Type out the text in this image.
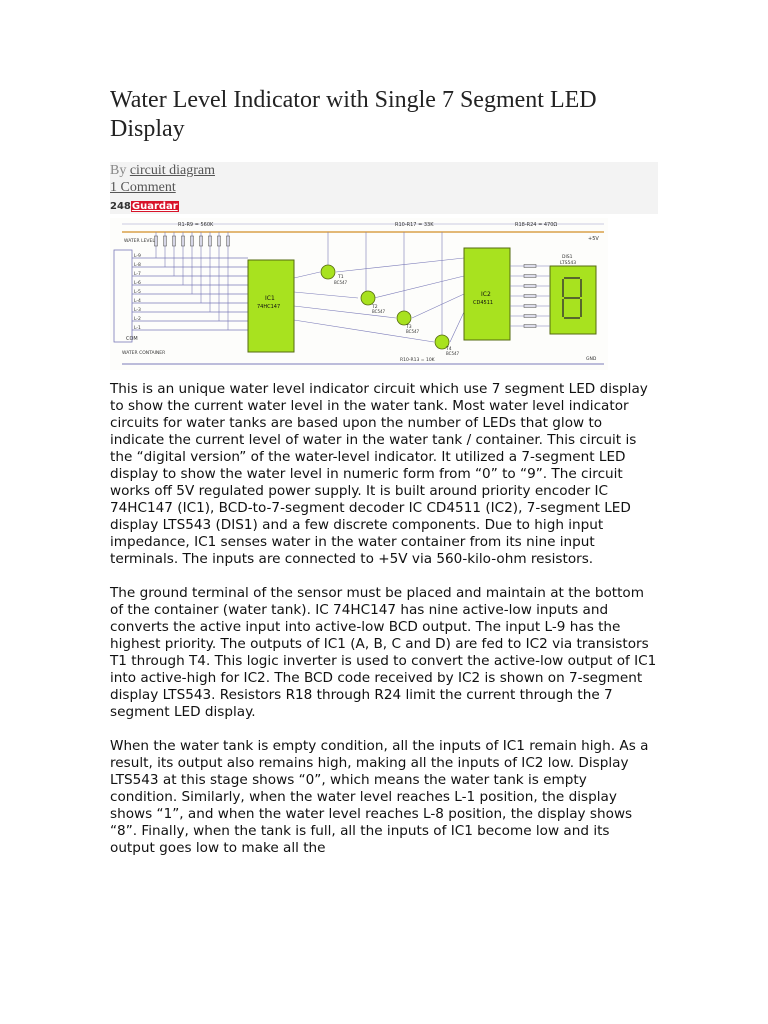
Water Level Indicator with Single 7 Segment LED Display
By circuit diagram
1 Comment
248Guardar
R1-R9 = 560K	R10-R17 = 33K	R18-R24 = 470Ω
+5V
WATER LEVEL
L-9
L-8
L-7
L-6
L-5
L-4
L-3
L-2
L-1
COM
WATER CONTAINER
IC1
74HC147
T1
BC547
T2
BC547
T3
BC547
T4
BC547
IC2
CD4511
DIS1
LTS543
R10-R13 = 10K	GND

This is an unique water level indicator circuit which use 7 segment LED display to show the current water level in the water tank. Most water level indicator circuits for water tanks are based upon the number of LEDs that glow to indicate the current level of water in the water tank / container. This circuit is the “digital version” of the water-level indicator. It utilized a 7-segment LED display to show the water level in numeric form from “0” to “9”. The circuit works off 5V regulated power supply. It is built around priority encoder IC 74HC147 (IC1), BCD-to-7-segment decoder IC CD4511 (IC2), 7-segment LED display LTS543 (DIS1) and a few discrete components. Due to high input impedance, IC1 senses water in the water container from its nine input terminals. The inputs are connected to +5V via 560-kilo-ohm resistors.

The ground terminal of the sensor must be placed and maintain at the bottom of the container (water tank). IC 74HC147 has nine active-low inputs and converts the active input into active-low BCD output. The input L-9 has the highest priority. The outputs of IC1 (A, B, C and D) are fed to IC2 via transistors T1 through T4. This logic inverter is used to convert the active-low output of IC1 into active-high for IC2. The BCD code received by IC2 is shown on 7-segment display LTS543. Resistors R18 through R24 limit the current through the 7 segment LED display.

When the water tank is empty condition, all the inputs of IC1 remain high. As a result, its output also remains high, making all the inputs of IC2 low. Display LTS543 at this stage shows “0”, which means the water tank is empty condition. Similarly, when the water level reaches L-1 position, the display shows “1”, and when the water level reaches L-8 position, the display shows “8”. Finally, when the tank is full, all the inputs of IC1 become low and its output goes low to make all the
